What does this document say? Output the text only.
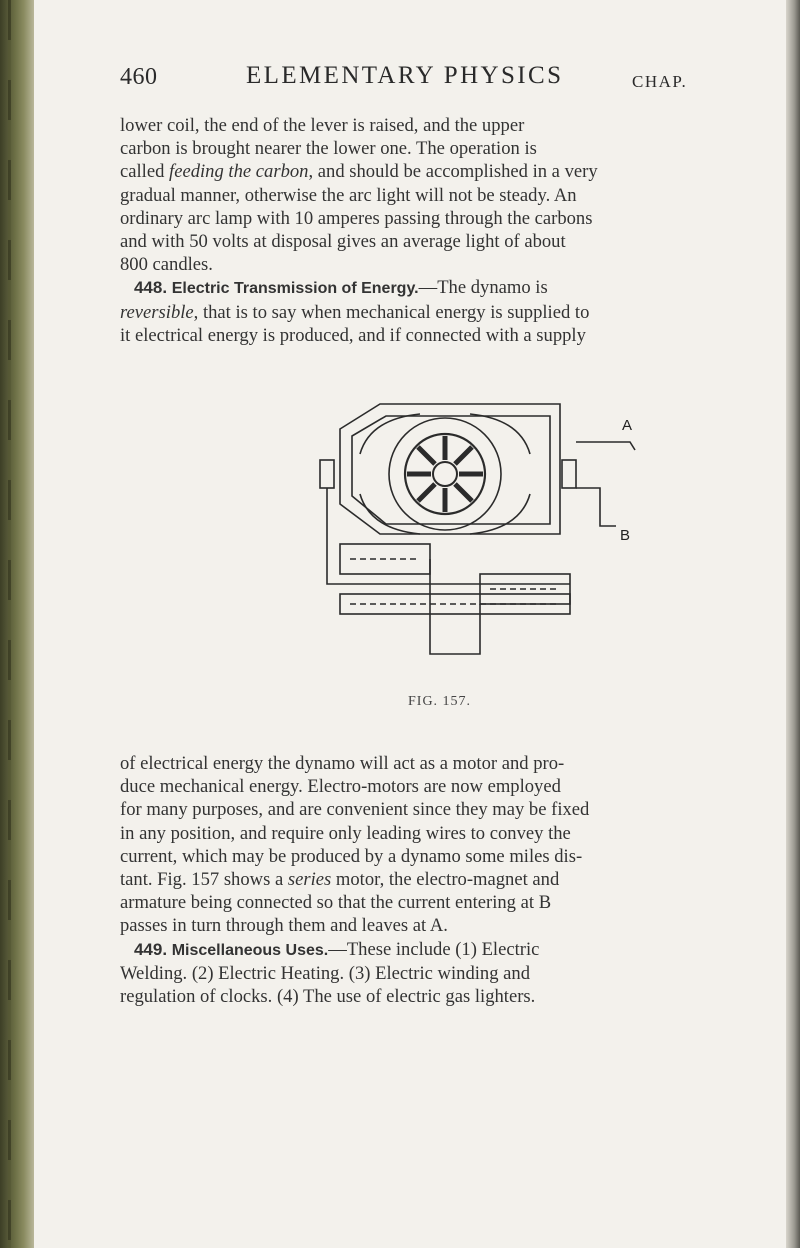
460	ELEMENTARY PHYSICS	CHAP.

lower coil, the end of the lever is raised, and the upper
carbon is brought nearer the lower one. The operation is
called feeding the carbon, and should be accomplished in a very
gradual manner, otherwise the arc light will not be steady. An
ordinary arc lamp with 10 amperes passing through the carbons
and with 50 volts at disposal gives an average light of about
800 candles.

448. Electric Transmission of Energy.—The dynamo is
reversible, that is to say when mechanical energy is supplied to
it electrical energy is produced, and if connected with a supply

A
B
FIG. 157.

of electrical energy the dynamo will act as a motor and pro-
duce mechanical energy. Electro-motors are now employed
for many purposes, and are convenient since they may be fixed
in any position, and require only leading wires to convey the
current, which may be produced by a dynamo some miles dis-
tant. Fig. 157 shows a series motor, the electro-magnet and
armature being connected so that the current entering at B
passes in turn through them and leaves at A.

449. Miscellaneous Uses.—These include (1) Electric
Welding. (2) Electric Heating. (3) Electric winding and
regulation of clocks. (4) The use of electric gas lighters.
